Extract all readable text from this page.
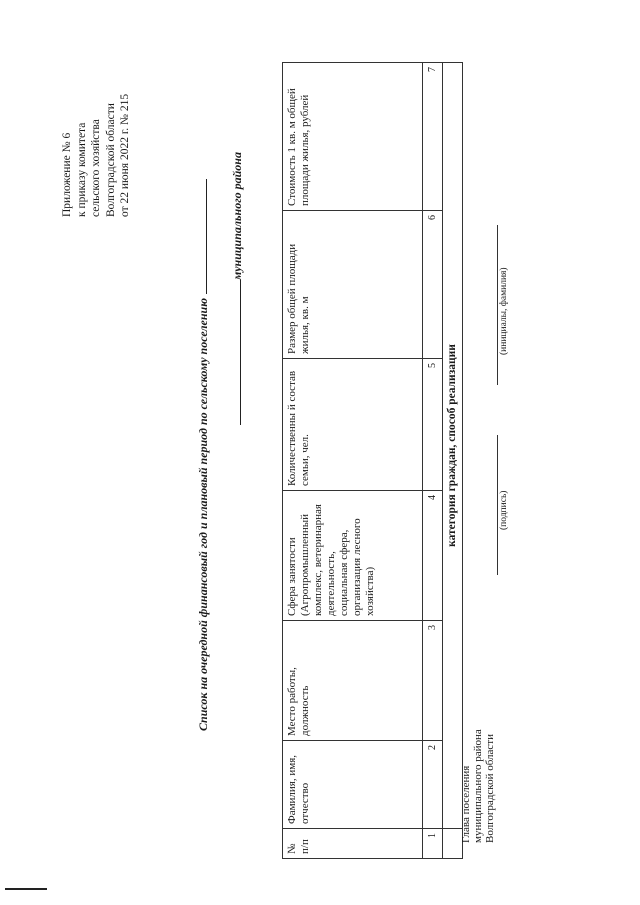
Приложение № 6 к приказу комитета сельского хозяйства Волгоградской области от 22 июня 2022 г. № 215
Список на очередной финансовый год и плановый период по сельскому поселению
муниципального района
№ п/п	Фамилия, имя, отчество	Место работы, должность	Сфера занятости (Агропромышленный комплекс, ветеринарная деятельность, социальная сфера, организация лесного хозяйства)	Количественны й состав семьи, чел.	Размер общей площади жилья, кв. м	Стоимость 1 кв. м общей площади жилья, рублей
1	2	3	4	5	6	7
	категория граждан, способ реализации					
Глава поселения муниципального района Волгоградской области
(подпись)
(инициалы, фамилия)
